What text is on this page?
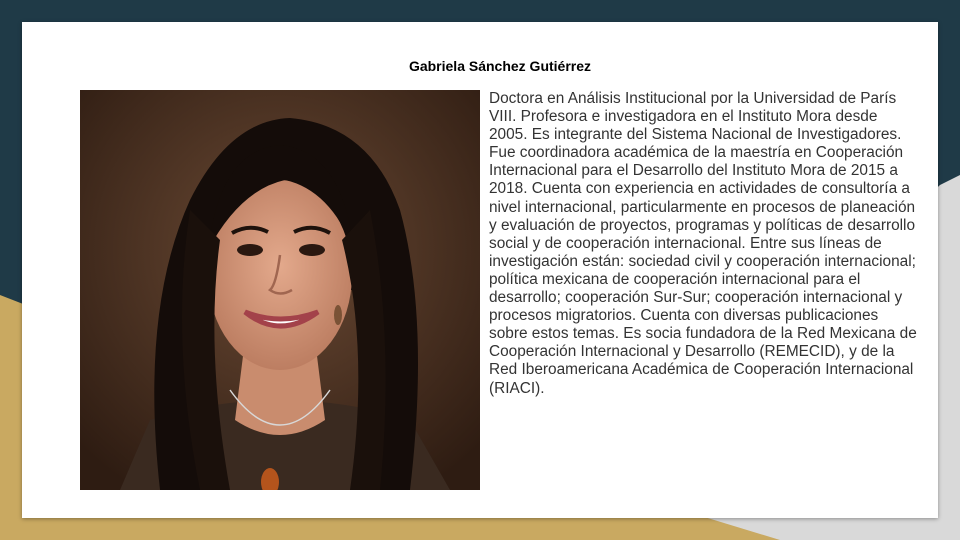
Gabriela Sánchez Gutiérrez

Doctora en Análisis Institucional por la Universidad de París VIII. Profesora e investigadora en el Instituto Mora desde 2005. Es integrante del Sistema Nacional de Investigadores. Fue coordinadora académica de la maestría en Cooperación Internacional para el Desarrollo del Instituto Mora de 2015 a 2018. Cuenta con experiencia en actividades de consultoría a nivel internacional, particularmente en procesos de planeación y evaluación de proyectos, programas y políticas de desarrollo social y de cooperación internacional. Entre sus líneas de investigación están: sociedad civil y cooperación internacional; política mexicana de cooperación internacional para el desarrollo; cooperación Sur-Sur; cooperación internacional y procesos migratorios. Cuenta con diversas publicaciones sobre estos temas. Es socia fundadora de la Red Mexicana de Cooperación Internacional y Desarrollo (REMECID), y de la Red Iberoamericana Académica de Cooperación Internacional (RIACI).
